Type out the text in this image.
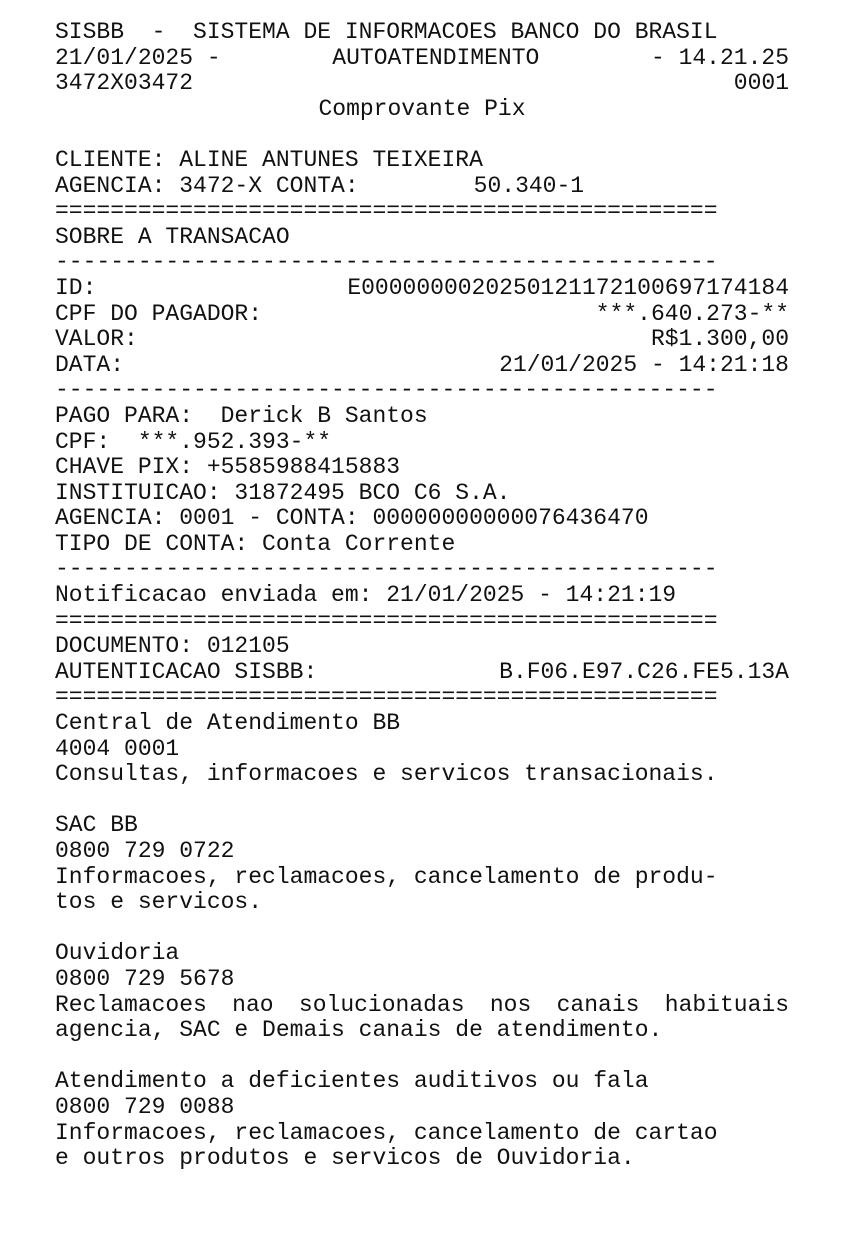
SISBB  -  SISTEMA DE INFORMACOES BANCO DO BRASIL
21/01/2025 -	AUTOATENDIMENTO	- 14.21.25
3472X03472	0001
Comprovante Pix
CLIENTE: ALINE ANTUNES TEIXEIRA
AGENCIA: 3472-X CONTA:	50.340-1
================================================
SOBRE A TRANSACAO
------------------------------------------------
ID:	E00000000202501211721006971741​84
CPF DO PAGADOR:	***.640.273-**
VALOR:	R$1.300,00
DATA:	21/01/2025 - 14:21:18
------------------------------------------------
PAGO PARA:  Derick B Santos
CPF:  ***.952.393-**
CHAVE PIX: +5585988415883
INSTITUICAO: 31872495 BCO C6 S.A.
AGENCIA: 0001 - CONTA: 00000000000076436470
TIPO DE CONTA: Conta Corrente
------------------------------------------------
Notificacao enviada em: 21/01/2025 - 14:21:19
================================================
DOCUMENTO: 012105
AUTENTICACAO SISBB:	B.F06.E97.C26.FE5.13A
================================================
Central de Atendimento BB
4004 0001
Consultas, informacoes e servicos transacionais.
SAC BB
0800 729 0722
Informacoes, reclamacoes, cancelamento de produ-
tos e servicos.
Ouvidoria
0800 729 5678
Reclamacoes nao solucionadas nos canais habituais agencia, SAC e Demais canais de atendimento.
Atendimento a deficientes auditivos ou fala
0800 729 0088
Informacoes, reclamacoes, cancelamento de cartao
e outros produtos e servicos de Ouvidoria.
